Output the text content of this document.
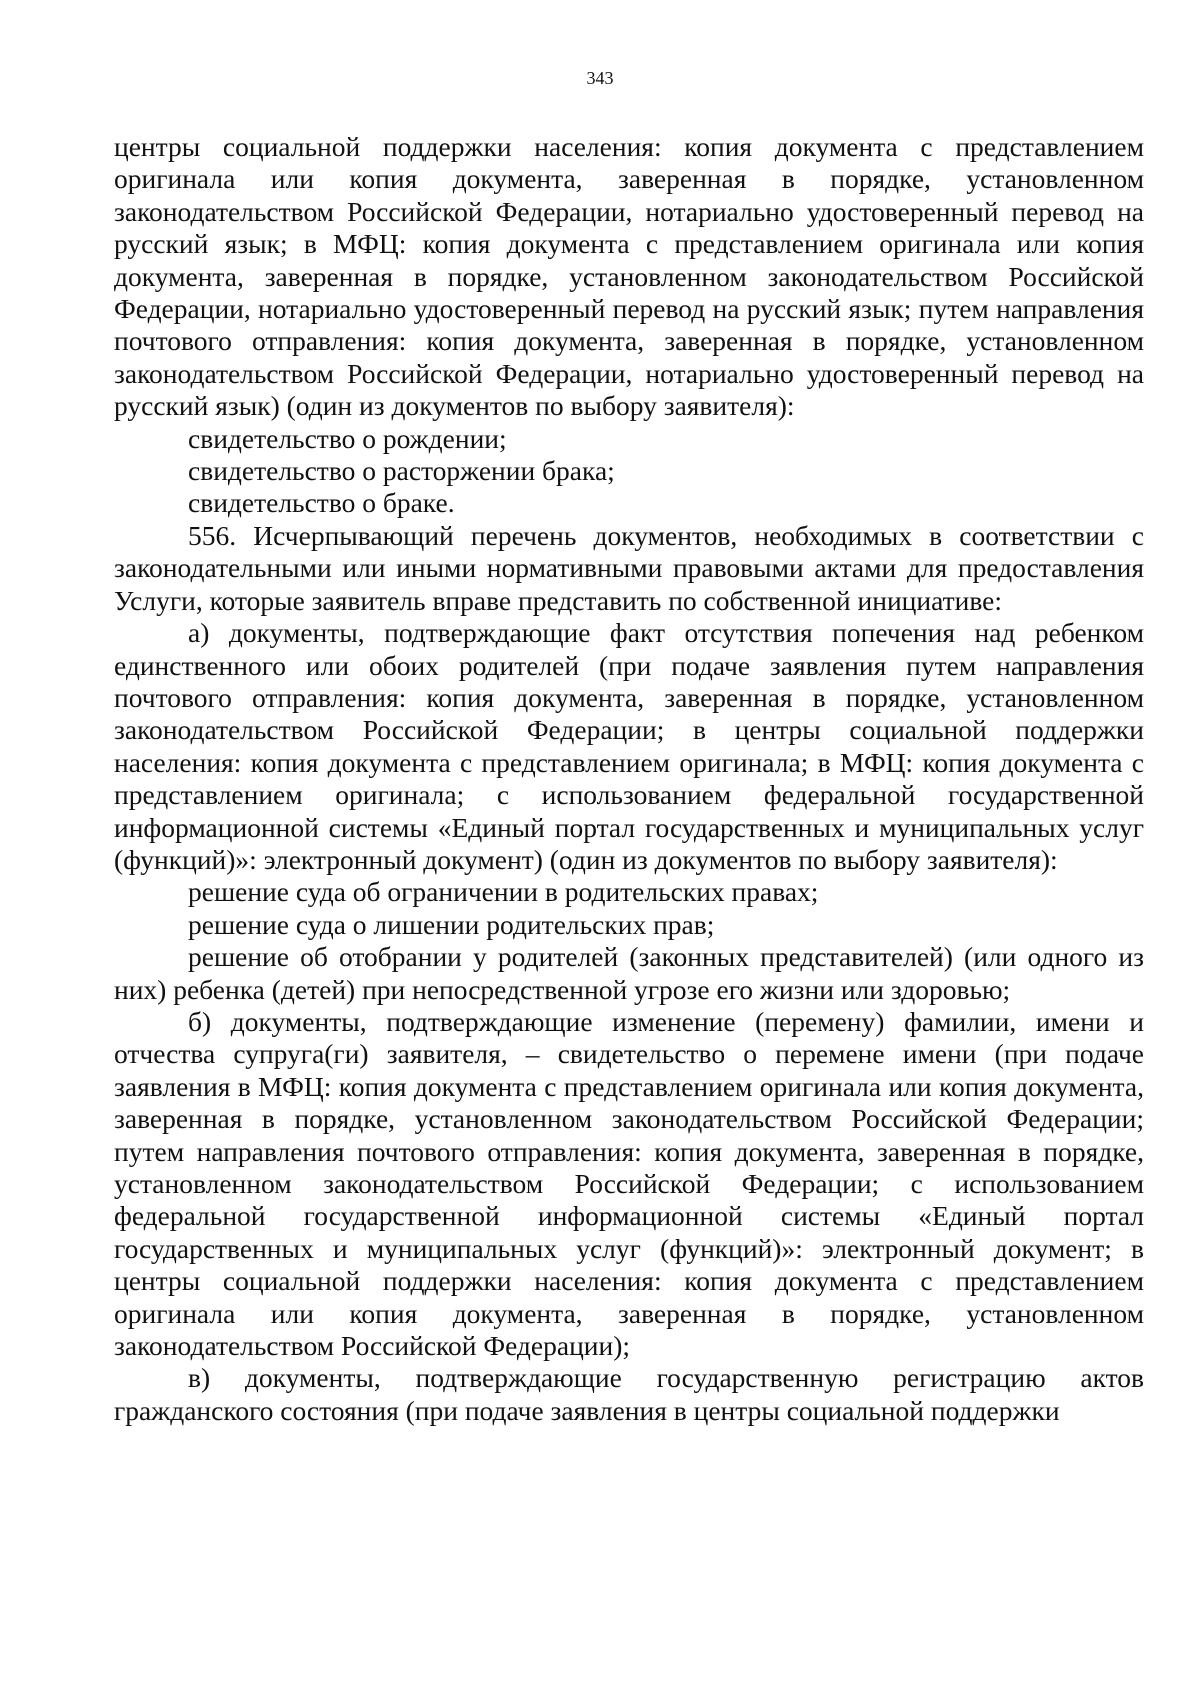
343

центры социальной поддержки населения: копия документа с представлением оригинала или копия документа, заверенная в порядке, установленном законодательством Российской Федерации, нотариально удостоверенный перевод на русский язык; в МФЦ: копия документа с представлением оригинала или копия документа, заверенная в порядке, установленном законодательством Российской Федерации, нотариально удостоверенный перевод на русский язык; путем направления почтового отправления: копия документа, заверенная в порядке, установленном законодательством Российской Федерации, нотариально удостоверенный перевод на русский язык) (один из документов по выбору заявителя):

свидетельство о рождении;

свидетельство о расторжении брака;

свидетельство о браке.

556. Исчерпывающий перечень документов, необходимых в соответствии с законодательными или иными нормативными правовыми актами для предоставления Услуги, которые заявитель вправе представить по собственной инициативе:

а) документы, подтверждающие факт отсутствия попечения над ребенком единственного или обоих родителей (при подаче заявления путем направления почтового отправления: копия документа, заверенная в порядке, установленном законодательством Российской Федерации; в центры социальной поддержки населения: копия документа с представлением оригинала; в МФЦ: копия документа с представлением оригинала; с использованием федеральной государственной информационной системы «Единый портал государственных и муниципальных услуг (функций)»: электронный документ) (один из документов по выбору заявителя):

решение суда об ограничении в родительских правах;

решение суда о лишении родительских прав;

решение об отобрании у родителей (законных представителей) (или одного из них) ребенка (детей) при непосредственной угрозе его жизни или здоровью;

б) документы, подтверждающие изменение (перемену) фамилии, имени и отчества супруга(ги) заявителя, – свидетельство о перемене имени (при подаче заявления в МФЦ: копия документа с представлением оригинала или копия документа, заверенная в порядке, установленном законодательством Российской Федерации; путем направления почтового отправления: копия документа, заверенная в порядке, установленном законодательством Российской Федерации; с использованием федеральной государственной информационной системы «Единый портал государственных и муниципальных услуг (функций)»: электронный документ; в центры социальной поддержки населения: копия документа с представлением оригинала или копия документа, заверенная в порядке, установленном законодательством Российской Федерации);

в) документы, подтверждающие государственную регистрацию актов гражданского состояния (при подаче заявления в центры социальной поддержки
